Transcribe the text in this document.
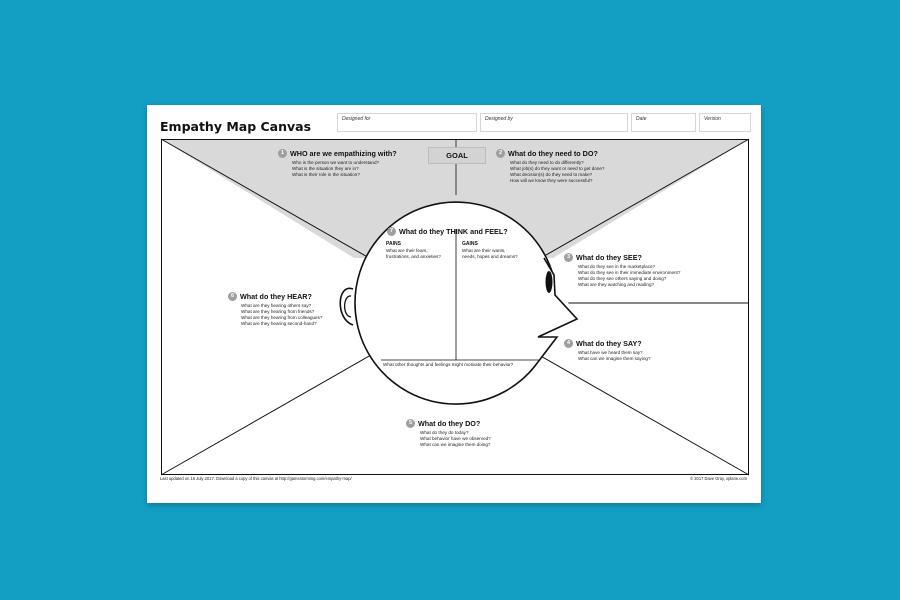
Empathy Map Canvas	Designed for	Designed by	Date	Version
GOAL
1 WHO are we empathizing with?
Who is the person we want to understand?
What is the situation they are in?
What is their role in the situation?
2 What do they need to DO?
What do they need to do differently?
What job(s) do they want or need to get done?
What decision(s) do they need to make?
How will we know they were successful?
3 What do they SEE?
What do they see in the marketplace?
What do they see in their immediate environment?
What do they see others saying and doing?
What are they watching and reading?
4 What do they SAY?
What have we heard them say?
What can we imagine them saying?
5 What do they DO?
What do they do today?
What behavior have we observed?
What can we imagine them doing?
6 What do they HEAR?
What are they hearing others say?
What are they hearing from friends?
What are they hearing from colleagues?
What are they hearing second-hand?
7 What do they THINK and FEEL?
PAINS
What are their fears,
frustrations, and anxieties?
GAINS
What are their wants,
needs, hopes and dreams?
What other thoughts and feelings might motivate their behavior?
Last updated on 16 July 2017. Download a copy of this canvas at http://gamestorming.com/empathy-map/	© 2017 Dave Gray, xplane.com
